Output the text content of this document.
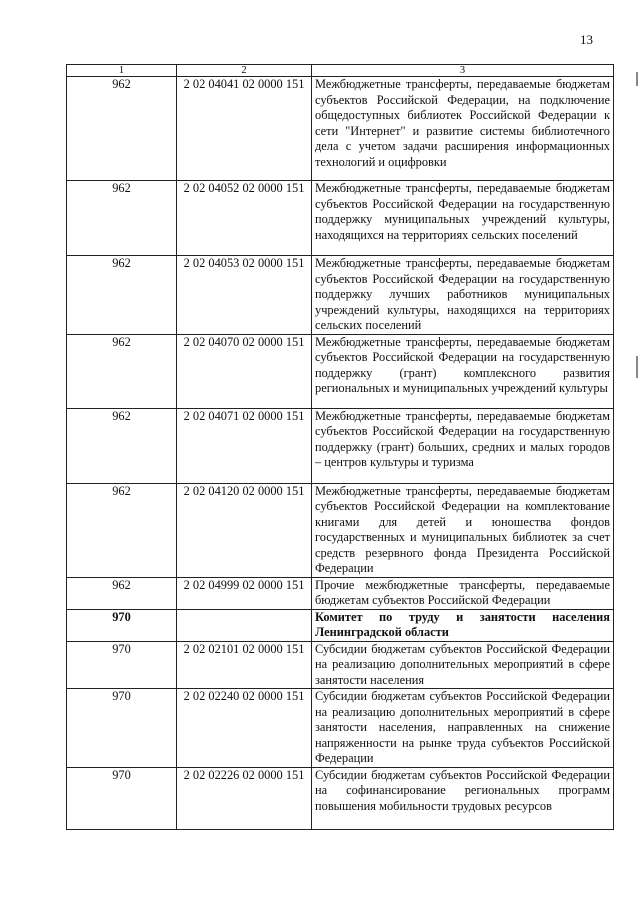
13
1	2	3
962	2 02 04041 02 0000 151	Межбюджетные трансферты, передаваемые бюджетам субъектов Российской Федерации, на подключение общедоступных библиотек Российской Федерации к сети "Интернет" и развитие системы библиотечного дела с учетом задачи расширения информационных технологий и оцифровки
962	2 02 04052 02 0000 151	Межбюджетные трансферты, передаваемые бюджетам субъектов Российской Федерации на государственную поддержку муниципальных учреждений культуры, находящихся на территориях сельских поселений
962	2 02 04053 02 0000 151	Межбюджетные трансферты, передаваемые бюджетам субъектов Российской Федерации на государственную поддержку лучших работников муниципальных учреждений культуры, находящихся на территориях сельских поселений
962	2 02 04070 02 0000 151	Межбюджетные трансферты, передаваемые бюджетам субъектов Российской Федерации на государственную поддержку (грант) комплексного развития региональных и муниципальных учреждений культуры
962	2 02 04071 02 0000 151	Межбюджетные трансферты, передаваемые бюджетам субъектов Российской Федерации на государственную поддержку (грант) больших, средних и малых городов – центров культуры и туризма
962	2 02 04120 02 0000 151	Межбюджетные трансферты, передаваемые бюджетам субъектов Российской Федерации на комплектование книгами для детей и юношества фондов государственных и муниципальных библиотек за счет средств резервного фонда Президента Российской Федерации
962	2 02 04999 02 0000 151	Прочие межбюджетные трансферты, передаваемые бюджетам субъектов Российской Федерации
970		Комитет по труду и занятости населения Ленинградской области
970	2 02 02101 02 0000 151	Субсидии бюджетам субъектов Российской Федерации на реализацию дополнительных мероприятий в сфере занятости населения
970	2 02 02240 02 0000 151	Субсидии бюджетам субъектов Российской Федерации на реализацию дополнительных мероприятий в сфере занятости населения, направленных на снижение напряженности на рынке труда субъектов Российской Федерации
970	2 02 02226 02 0000 151	Субсидии бюджетам субъектов Российской Федерации на софинансирование региональных программ повышения мобильности трудовых ресурсов
